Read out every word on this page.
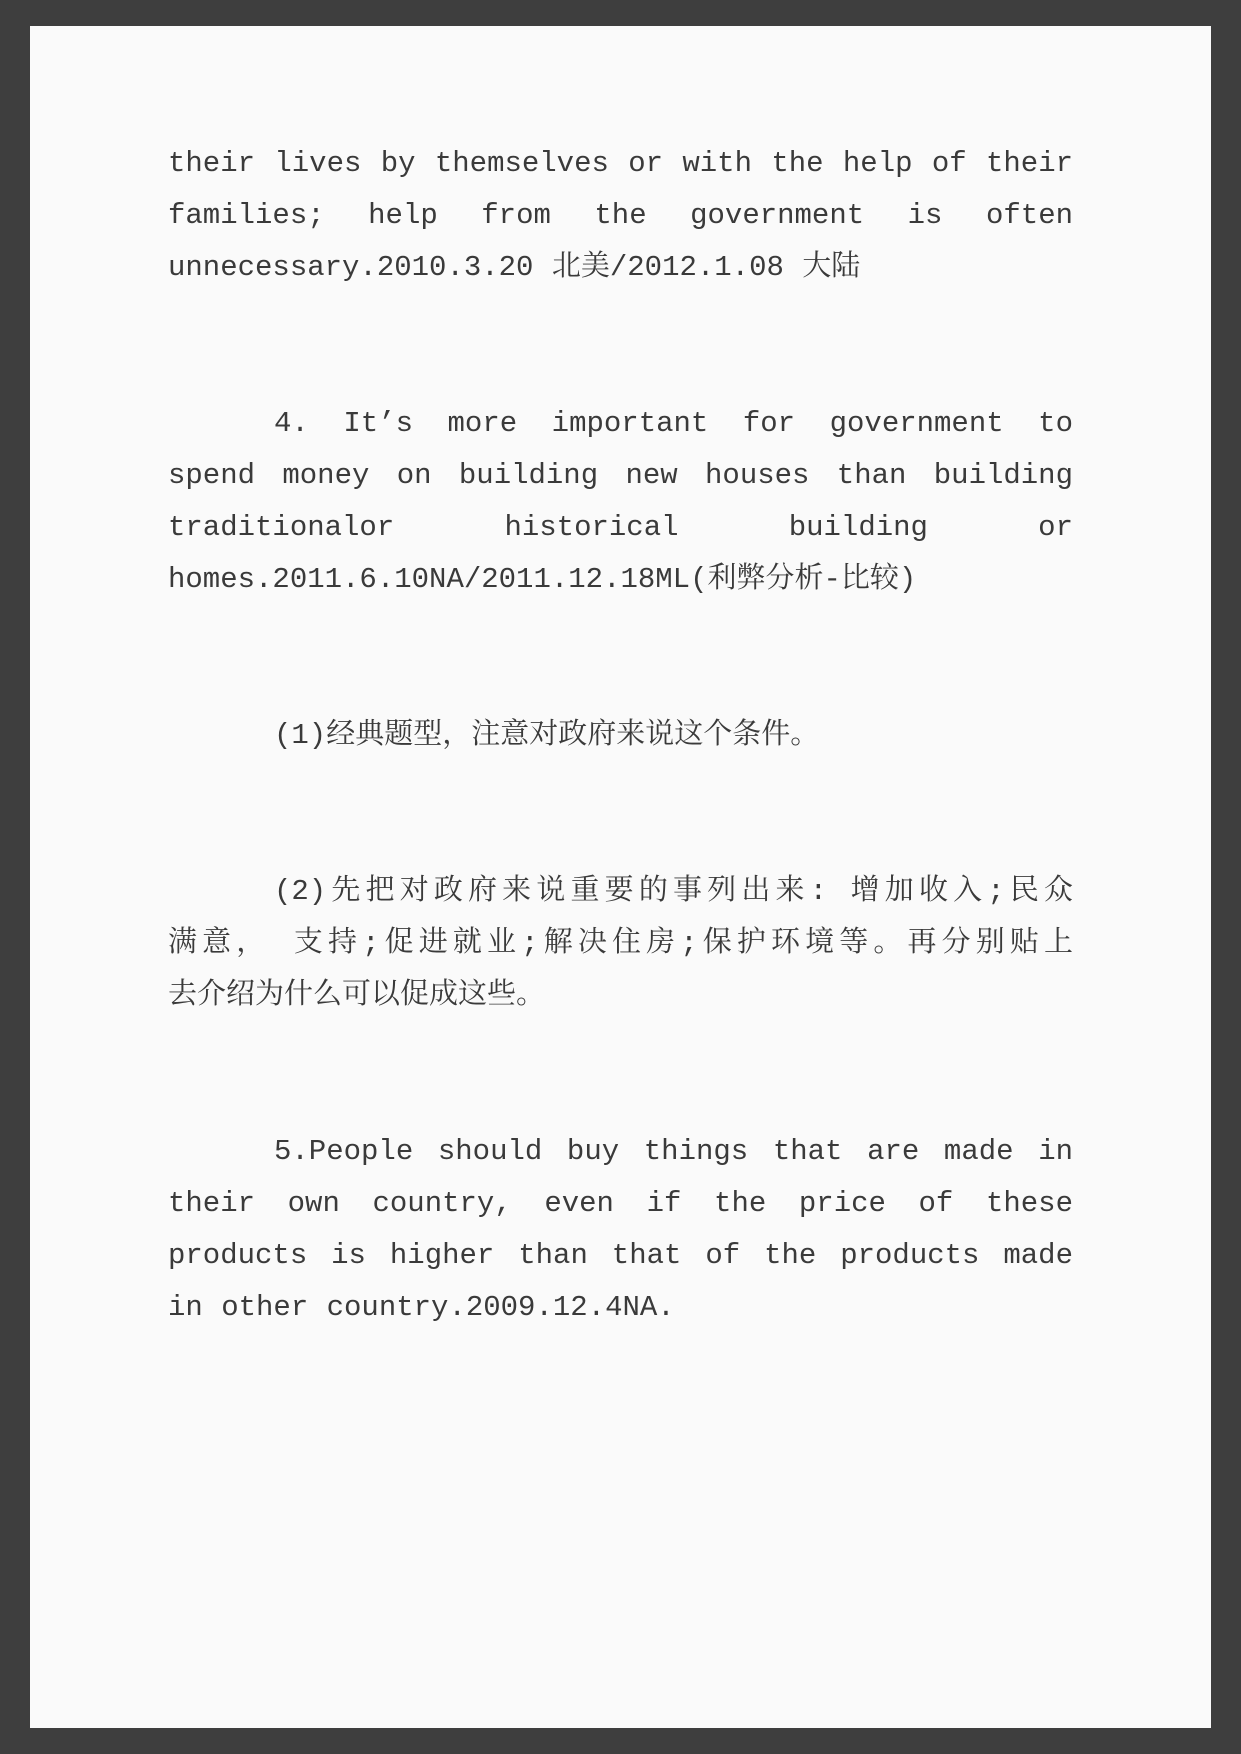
their lives by themselves or with the help of their
families; help from the government is often
unnecessary.2010.3.20 北美/2012.1.08 大陆
4. It’s more important for government to
spend money on building new houses than building
traditionalor historical building or
homes.2011.6.10NA/2011.12.18ML(利弊分析-比较)
(1)经典题型，注意对政府来说这个条件。
(2)先把对政府来说重要的事列出来: 增加收入;民众
满意， 支持;促进就业;解决住房;保护环境等。再分别贴上
去介绍为什么可以促成这些。
5.People should buy things that are made in
their own country, even if the price of these
products is higher than that of the products made
in other country.2009.12.4NA.
